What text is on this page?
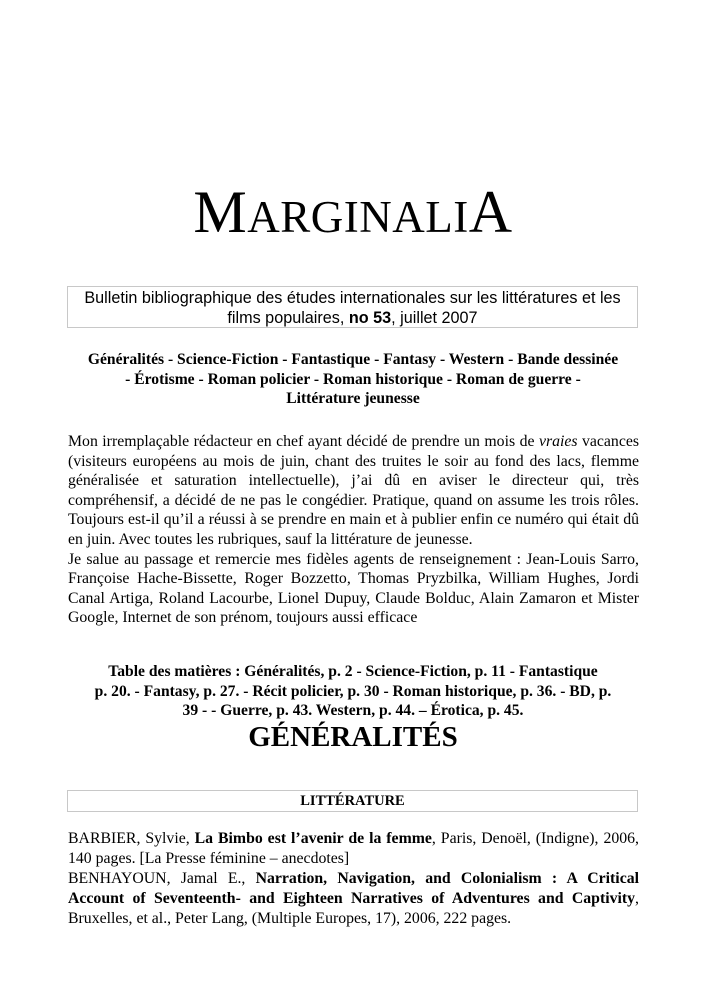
MARGINALIA
Bulletin bibliographique des études internationales sur les littératures et les films populaires, no 53, juillet 2007
Généralités - Science-Fiction - Fantastique - Fantasy - Western - Bande dessinée
- Érotisme - Roman policier - Roman historique - Roman de guerre -
Littérature jeunesse

Mon irremplaçable rédacteur en chef ayant décidé de prendre un mois de vraies vacances (visiteurs européens au mois de juin, chant des truites le soir au fond des lacs, flemme généralisée et saturation intellectuelle), j’ai dû en aviser le directeur qui, très compréhensif, a décidé de ne pas le congédier. Pratique, quand on assume les trois rôles. Toujours est-il qu’il a réussi à se prendre en main et à publier enfin ce numéro qui était dû en juin. Avec toutes les rubriques, sauf la littérature de jeunesse.

Je salue au passage et remercie mes fidèles agents de renseignement : Jean-Louis Sarro, Françoise Hache-Bissette, Roger Bozzetto, Thomas Pryzbilka, William Hughes, Jordi Canal Artiga, Roland Lacourbe, Lionel Dupuy, Claude Bolduc, Alain Zamaron et Mister Google, Internet de son prénom, toujours aussi efficace

Table des matières : Généralités, p. 2 - Science-Fiction, p. 11 - Fantastique
p. 20. - Fantasy, p. 27. - Récit policier, p. 30 - Roman historique, p. 36. - BD, p.
39 - - Guerre, p. 43. Western, p. 44. – Érotica, p. 45.
GÉNÉRALITÉS
LITTÉRATURE

BARBIER, Sylvie, La Bimbo est l’avenir de la femme, Paris, Denoël, (Indigne), 2006, 140 pages. [La Presse féminine – anecdotes]

BENHAYOUN, Jamal E., Narration, Navigation, and Colonialism : A Critical Account of Seventeenth- and Eighteen Narratives of Adventures and Captivity, Bruxelles, et al., Peter Lang, (Multiple Europes, 17), 2006, 222 pages.
